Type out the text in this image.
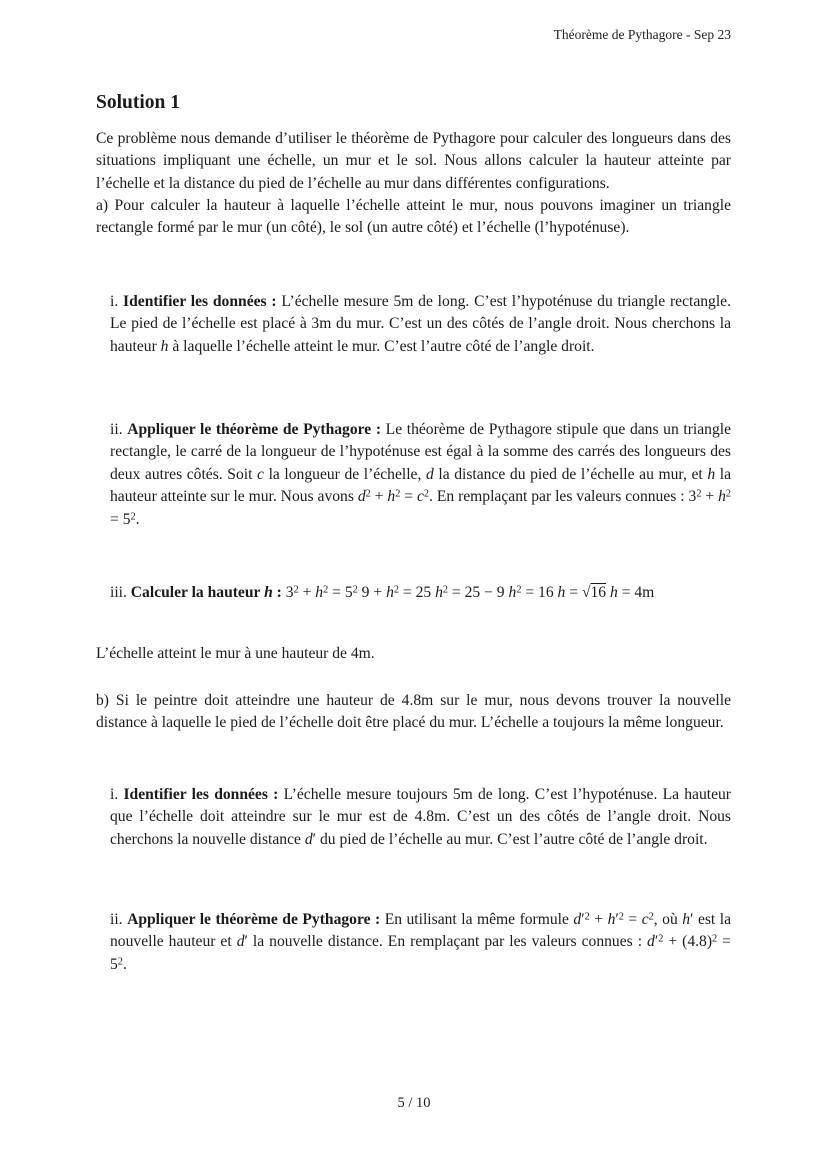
Théorème de Pythagore - Sep 23
Solution 1
Ce problème nous demande d’utiliser le théorème de Pythagore pour calculer des longueurs dans des situations impliquant une échelle, un mur et le sol. Nous allons calculer la hauteur atteinte par l’échelle et la distance du pied de l’échelle au mur dans différentes configurations.
a) Pour calculer la hauteur à laquelle l’échelle atteint le mur, nous pouvons imaginer un triangle rectangle formé par le mur (un côté), le sol (un autre côté) et l’échelle (l’hypoténuse).
i. Identifier les données : L’échelle mesure 5m de long. C’est l’hypoténuse du triangle rectangle. Le pied de l’échelle est placé à 3m du mur. C’est un des côtés de l’angle droit. Nous cherchons la hauteur h à laquelle l’échelle atteint le mur. C’est l’autre côté de l’angle droit.
ii. Appliquer le théorème de Pythagore : Le théorème de Pythagore stipule que dans un triangle rectangle, le carré de la longueur de l’hypoténuse est égal à la somme des carrés des longueurs des deux autres côtés. Soit c la longueur de l’échelle, d la distance du pied de l’échelle au mur, et h la hauteur atteinte sur le mur. Nous avons $d^2 + h^2 = c^2$. En remplaçant par les valeurs connues : $3^2 + h^2 = 5^2$.
iii. Calculer la hauteur h : $3^2 + h^2 = 5^2$ $9 + h^2 = 25$ $h^2 = 25 - 9$ $h^2 = 16$ h = √16 h = 4m
L’échelle atteint le mur à une hauteur de 4m.
b) Si le peintre doit atteindre une hauteur de 4.8m sur le mur, nous devons trouver la nouvelle distance à laquelle le pied de l’échelle doit être placé du mur. L’échelle a toujours la même longueur.
i. Identifier les données : L’échelle mesure toujours 5m de long. C’est l’hypoténuse. La hauteur que l’échelle doit atteindre sur le mur est de 4.8m. C’est un des côtés de l’angle droit. Nous cherchons la nouvelle distance d′ du pied de l’échelle au mur. C’est l’autre côté de l’angle droit.
ii. Appliquer le théorème de Pythagore : En utilisant la même formule $d'^2 + h'^2 = c^2$, où h′ est la nouvelle hauteur et d′ la nouvelle distance. En remplaçant par les valeurs connues : $d'^2 + (4.8)^2 = 5^2$.
5 / 10
